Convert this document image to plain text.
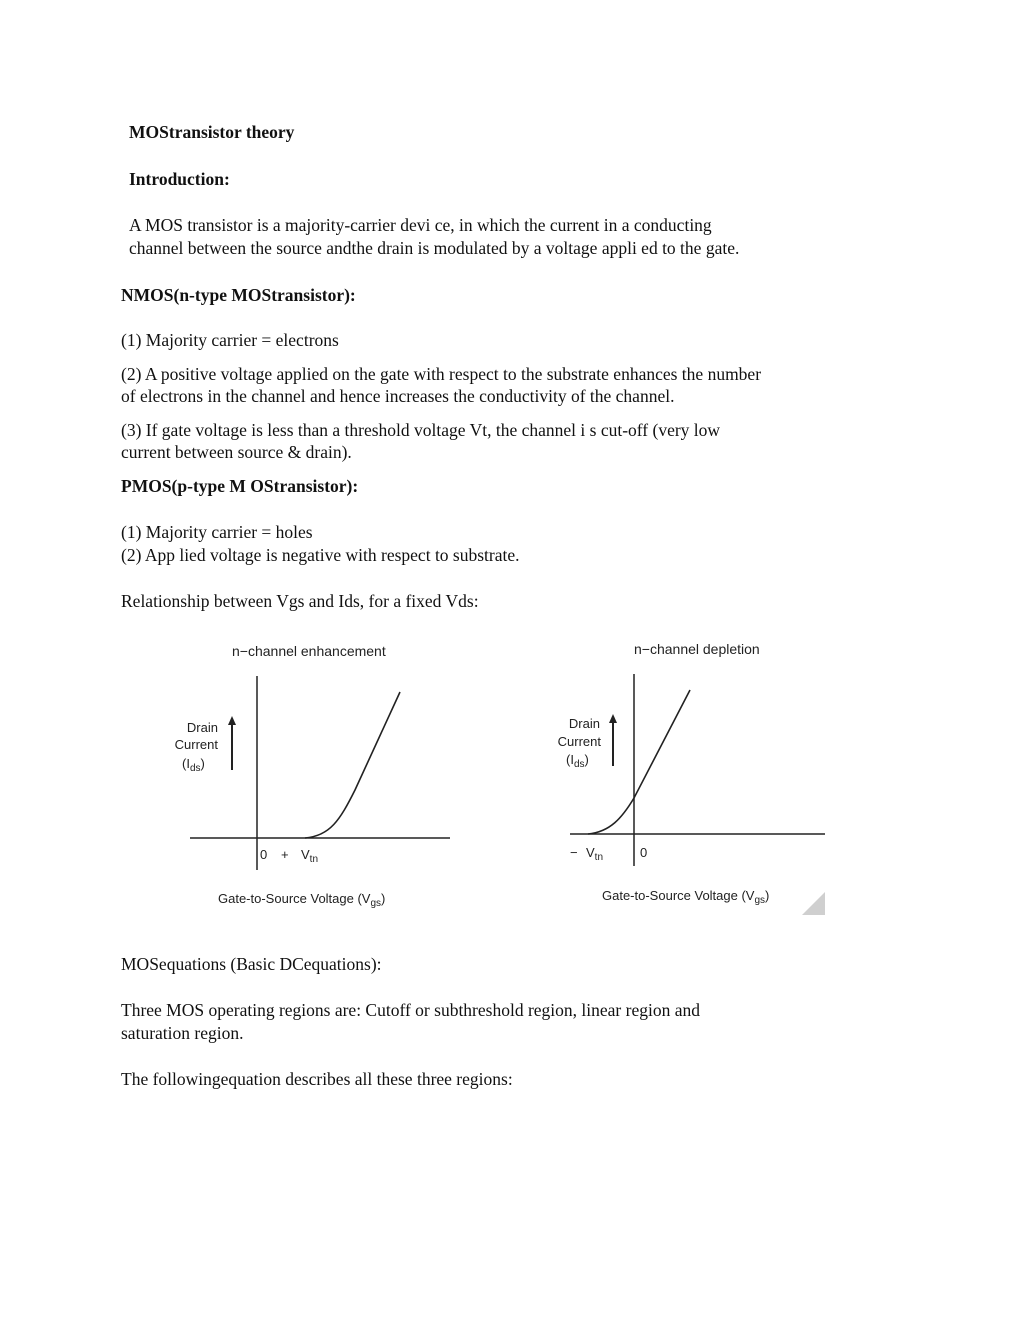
MOStransistor theory
Introduction:
A MOS transistor is a majority-carrier devi ce, in which the current in a conducting
channel between the source andthe drain is modulated by a voltage appli ed to the gate.
NMOS(n-type MOStransistor):
(1) Majority carrier = electrons
(2) A positive voltage applied on the gate with respect to the substrate enhances the number
of electrons in the channel and hence increases the conductivity of the channel.
(3) If gate voltage is less than a threshold voltage Vt, the channel i s cut-off (very low
current between source & drain).
PMOS(p-type M OStransistor):
(1) Majority carrier = holes
(2) App lied voltage is negative with respect to substrate.
Relationship between Vgs and Ids, for a fixed Vds:
n−channel enhancement
Drain
Current
$(I_{ds})$
$0 + V_{tn}$
Gate-to-Source Voltage $(V_{gs})$
n−channel depletion
Drain
Current
$(I_{ds})$
− $V_{tn}$	0
Gate-to-Source Voltage $(V_{gs})$
MOSequations (Basic DCequations):
Three MOS operating regions are: Cutoff or subthreshold region, linear region and
saturation region.
The followingequation describes all these three regions:
